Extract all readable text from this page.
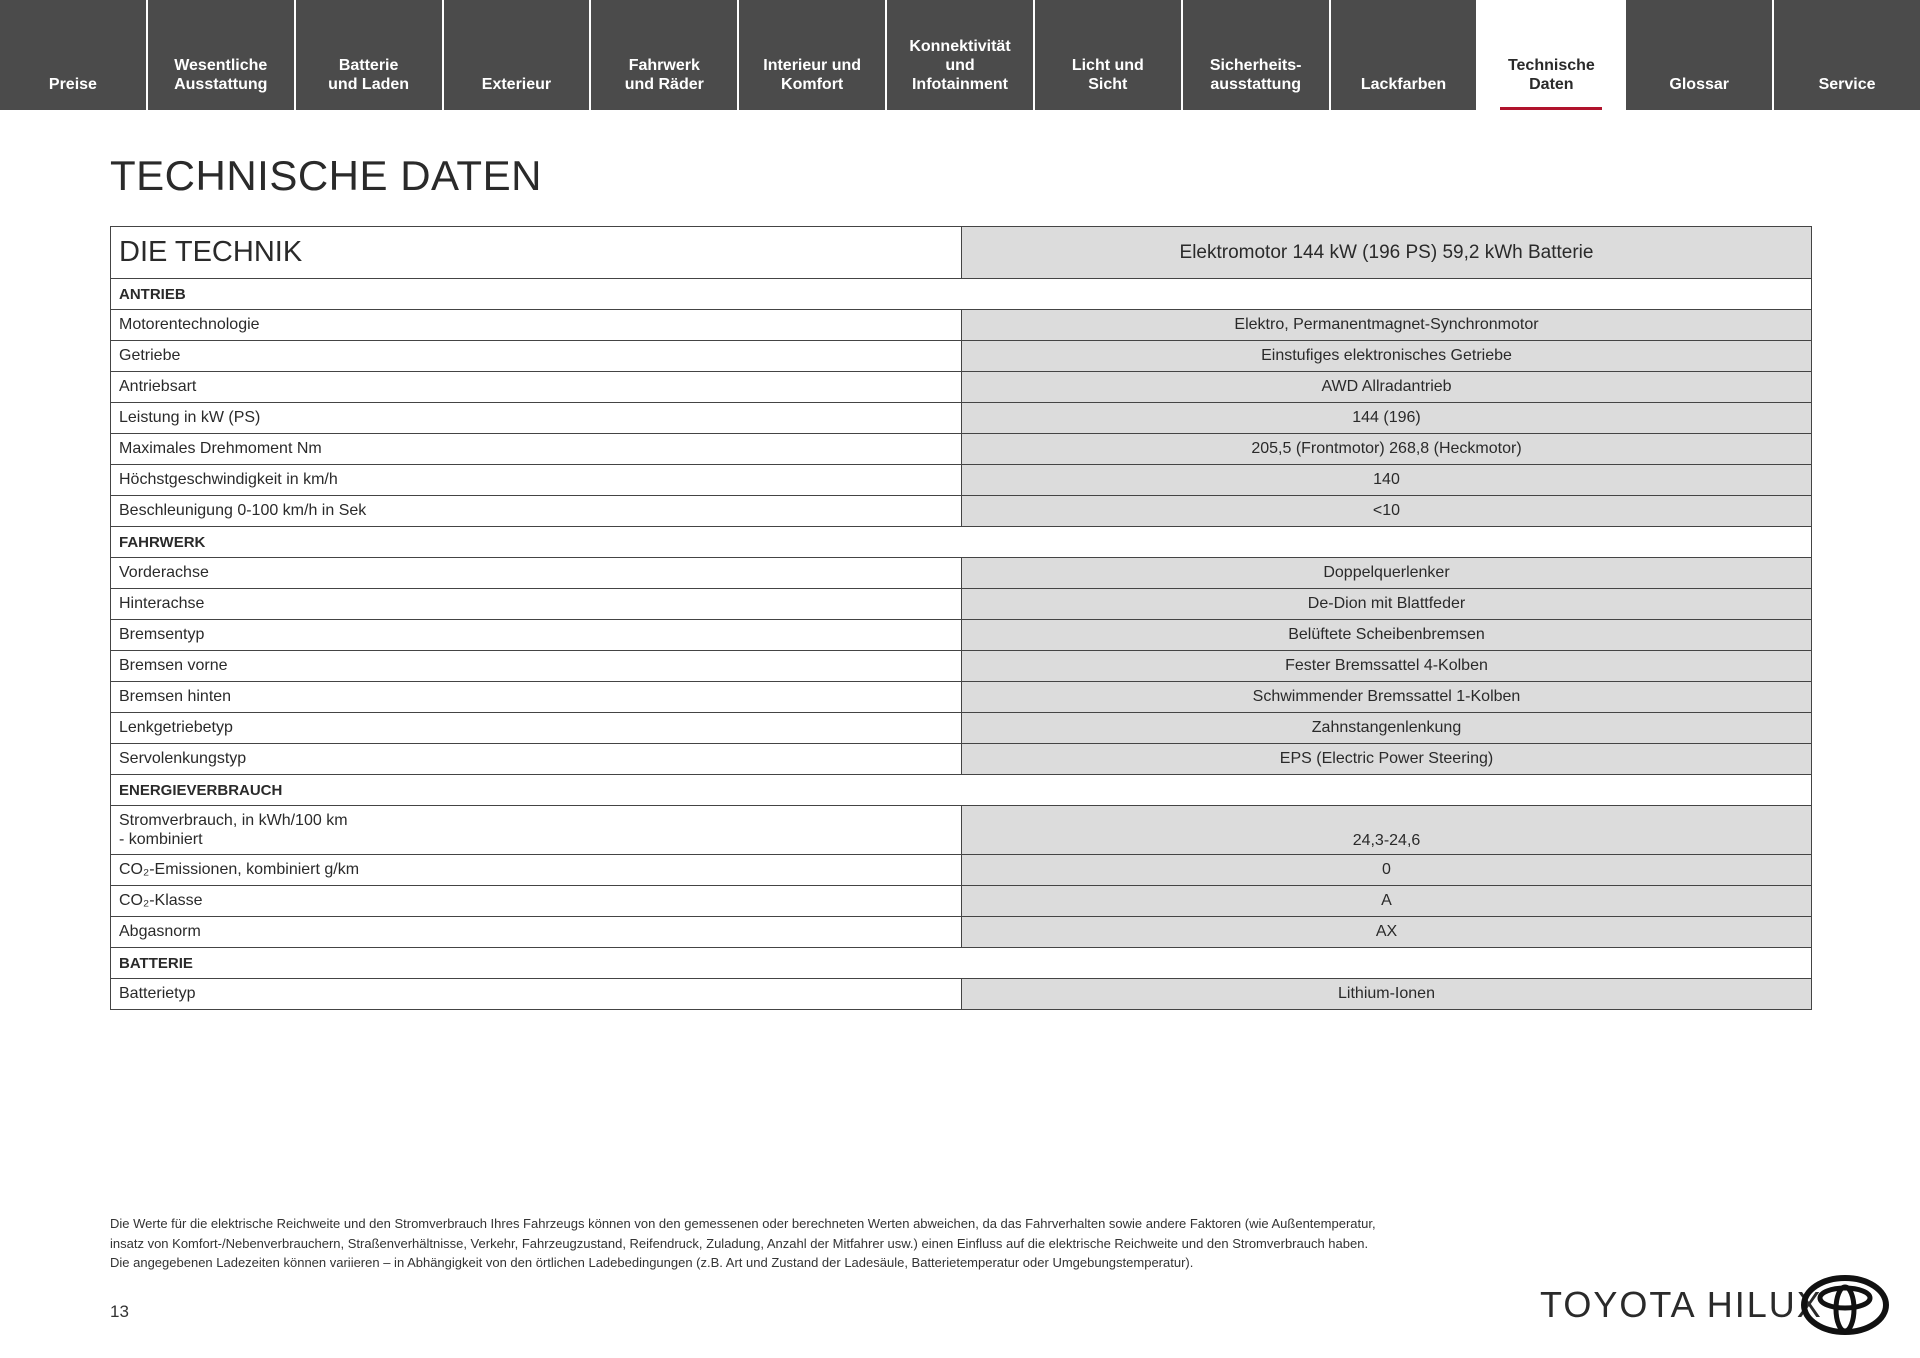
Preise
Wesentliche
Ausstattung
Batterie
und Laden	Exterieur
Fahrwerk
und Räder
Interieur und
Komfort
Konnektivität
und
Infotainment
Licht und
Sicht
Sicherheits-
ausstattung	Lackfarben
Technische
Daten	Glossar	Service
TECHNISCHE DATEN
DIE TECHNIK	Elektromotor 144 kW (196 PS) 59,2 kWh Batterie
ANTRIEB	
Motorentechnologie	Elektro, Permanentmagnet-Synchronmotor
Getriebe	Einstufiges elektronisches Getriebe
Antriebsart	AWD Allradantrieb
Leistung in kW (PS)	144 (196)
Maximales Drehmoment Nm	205,5 (Frontmotor) 268,8 (Heckmotor)
Höchstgeschwindigkeit in km/h	140
Beschleunigung 0-100 km/h in Sek	<10
FAHRWERK	
Vorderachse	Doppelquerlenker
Hinterachse	De-Dion mit Blattfeder
Bremsentyp	Belüftete Scheibenbremsen
Bremsen vorne	Fester Bremssattel 4-Kolben
Bremsen hinten	Schwimmender Bremssattel 1-Kolben
Lenkgetriebetyp	Zahnstangenlenkung
Servolenkungstyp	EPS (Electric Power Steering)
ENERGIEVERBRAUCH	
Stromverbrauch, in kWh/100 km
- kombiniert	24,3-24,6
CO₂-Emissionen, kombiniert g/km	0
CO₂-Klasse	A
Abgasnorm	AX
BATTERIE	
Batterietyp	Lithium-Ionen

Die Werte für die elektrische Reichweite und den Stromverbrauch Ihres Fahrzeugs können von den gemessenen oder berechneten Werten abweichen, da das Fahrverhalten sowie andere Faktoren (wie Außentemperatur,

insatz von Komfort-/Nebenverbrauchern, Straßenverhältnisse, Verkehr, Fahrzeugzustand, Reifendruck, Zuladung, Anzahl der Mitfahrer usw.) einen Einfluss auf die elektrische Reichweite und den Stromverbrauch haben.

Die angegebenen Ladezeiten können variieren – in Abhängigkeit von den örtlichen Ladebedingungen (z.B. Art und Zustand der Ladesäule, Batterietemperatur oder Umgebungstemperatur).

13	TOYOTA HILUX
